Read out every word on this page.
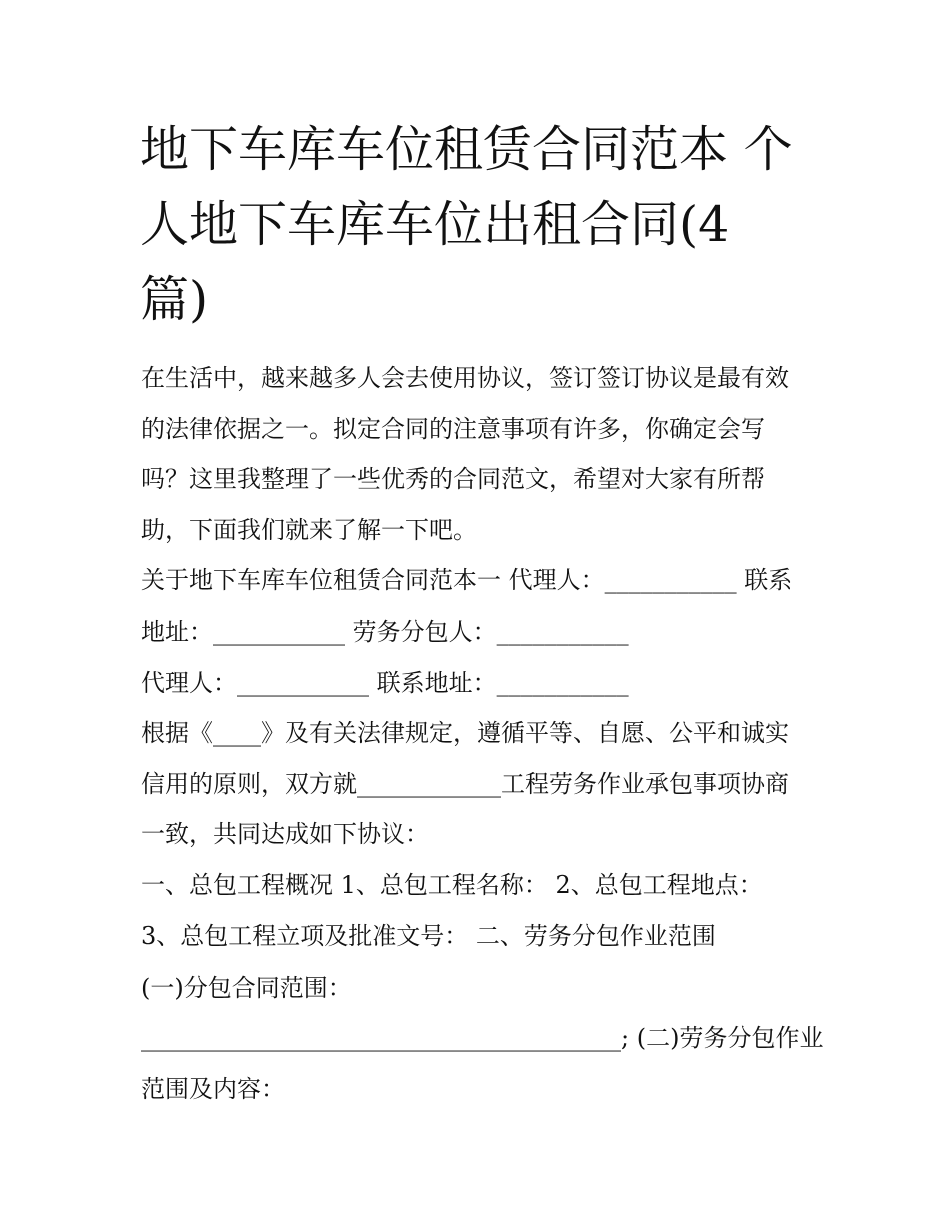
地下车库车位租赁合同范本 个
人地下车库车位出租合同(4
篇)
在生活中，越来越多人会去使用协议，签订签订协议是最有效
的法律依据之一。拟定合同的注意事项有许多，你确定会写
吗？这里我整理了一些优秀的合同范文，希望对大家有所帮
助，下面我们就来了解一下吧。
关于地下车库车位租赁合同范本一 代理人：___________ 联系
地址：___________ 劳务分包人：___________
代理人：___________ 联系地址：___________
根据《____》及有关法律规定，遵循平等、自愿、公平和诚实
信用的原则，双方就____________工程劳务作业承包事项协商
一致，共同达成如下协议：
一、总包工程概况 1、总包工程名称： 2、总包工程地点：
3、总包工程立项及批准文号： 二、劳务分包作业范围
(一)分包合同范围：
________________________________________; (二)劳务分包作业
范围及内容：
